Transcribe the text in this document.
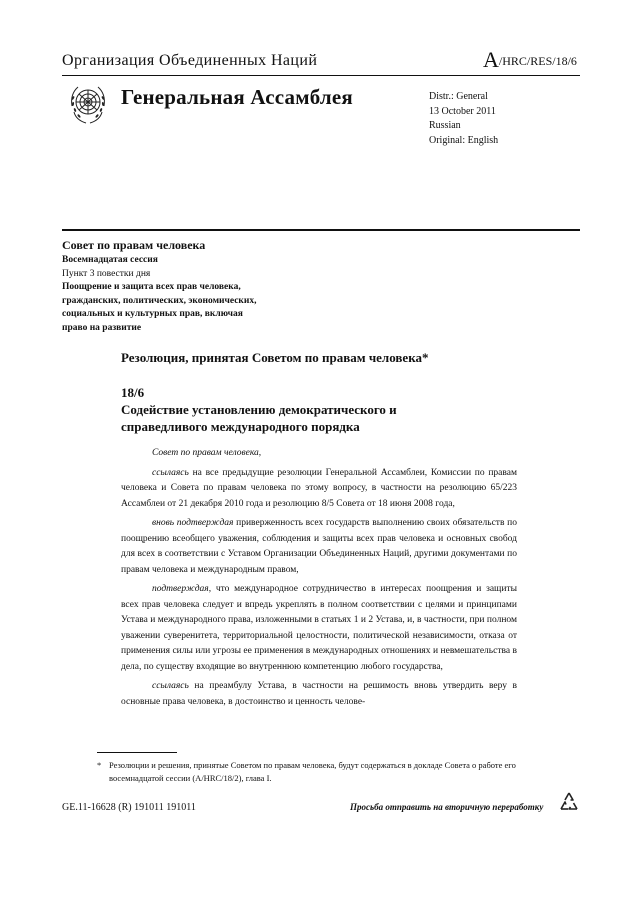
Организация Объединенных Наций	A/HRC/RES/18/6
Генеральная Ассамблея	Distr.: General
13 October 2011
Russian
Original: English
Совет по правам человека
Восемнадцатая сессия
Пункт 3 повестки дня
Поощрение и защита всех прав человека,
гражданских, политических, экономических,
социальных и культурных прав, включая
право на развитие
Резолюция, принятая Советом по правам человека*
18/6
Содействие установлению демократического и
справедливого международного порядка

Совет по правам человека,

ссылаясь на все предыдущие резолюции Генеральной Ассамблеи, Комиссии по правам человека и Совета по правам человека по этому вопросу, в частности на резолюцию 65/223 Ассамблеи от 21 декабря 2010 года и резолюцию 8/5 Совета от 18 июня 2008 года,

вновь подтверждая приверженность всех государств выполнению своих обязательств по поощрению всеобщего уважения, соблюдения и защиты всех прав человека и основных свобод для всех в соответствии с Уставом Организации Объединенных Наций, другими документами по правам человека и международным правом,

подтверждая, что международное сотрудничество в интересах поощрения и защиты всех прав человека следует и впредь укреплять в полном соответствии с целями и принципами Устава и международного права, изложенными в статьях 1 и 2 Устава, и, в частности, при полном уважении суверенитета, территориальной целостности, политической независимости, отказа от применения силы или угрозы ее применения в международных отношениях и невмешательства в дела, по существу входящие во внутреннюю компетенцию любого государства,

ссылаясь на преамбулу Устава, в частности на решимость вновь утвердить веру в основные права человека, в достоинство и ценность челове-

* Резолюции и решения, принятые Советом по правам человека, будут содержаться в докладе Совета о работе его восемнадцатой сессии (A/HRC/18/2), глава I.
GE.11-16628 (R) 191011 191011	Просьба отправить на вторичную переработку
